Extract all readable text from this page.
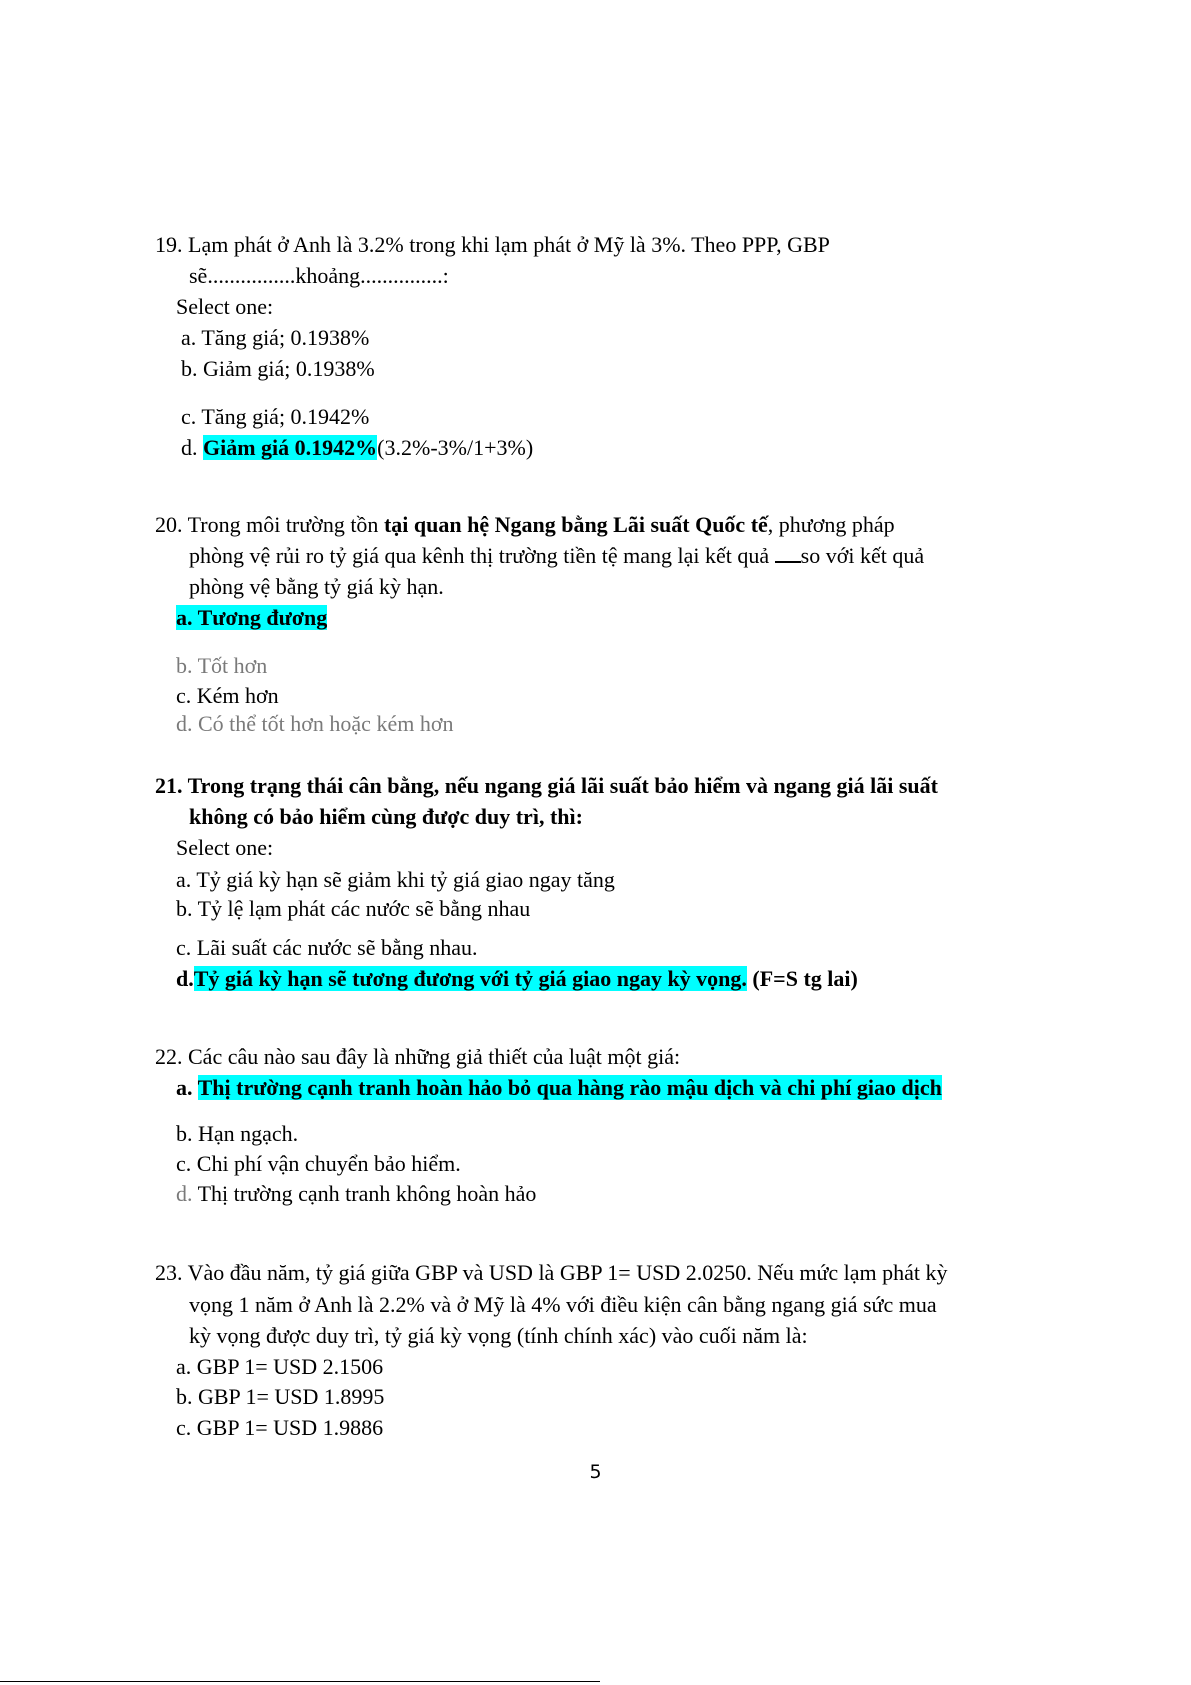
19. Lạm phát ở Anh là 3.2% trong khi lạm phát ở Mỹ là 3%. Theo PPP, GBP
sẽ................khoảng...............:
Select one:
a. Tăng giá; 0.1938%
b. Giảm giá; 0.1938%
c. Tăng giá; 0.1942%
d. Giảm giá 0.1942%(3.2%-3%/1+3%)
20. Trong môi trường tồn tại quan hệ Ngang bằng Lãi suất Quốc tế, phương pháp
phòng vệ rủi ro tỷ giá qua kênh thị trường tiền tệ mang lại kết quả so với kết quả
phòng vệ bằng tỷ giá kỳ hạn.
a. Tương đương
b. Tốt hơn
c. Kém hơn
d. Có thể tốt hơn hoặc kém hơn
21. Trong trạng thái cân bằng, nếu ngang giá lãi suất bảo hiểm và ngang giá lãi suất
không có bảo hiểm cùng được duy trì, thì:
Select one:
a. Tỷ giá kỳ hạn sẽ giảm khi tỷ giá giao ngay tăng
b. Tỷ lệ lạm phát các nước sẽ bằng nhau
c. Lãi suất các nước sẽ bằng nhau.
d.Tỷ giá kỳ hạn sẽ tương đương với tỷ giá giao ngay kỳ vọng. (F=S tg lai)
22. Các câu nào sau đây là những giả thiết của luật một giá:
a. Thị trường cạnh tranh hoàn hảo bỏ qua hàng rào mậu dịch và chi phí giao dịch
b. Hạn ngạch.
c. Chi phí vận chuyển bảo hiểm.
d. Thị trường cạnh tranh không hoàn hảo
23. Vào đầu năm, tỷ giá giữa GBP và USD là GBP 1= USD 2.0250. Nếu mức lạm phát kỳ
vọng 1 năm ở Anh là 2.2% và ở Mỹ là 4% với điều kiện cân bằng ngang giá sức mua
kỳ vọng được duy trì, tỷ giá kỳ vọng (tính chính xác) vào cuối năm là:
a. GBP 1= USD 2.1506
b. GBP 1= USD 1.8995
c. GBP 1= USD 1.9886
5
